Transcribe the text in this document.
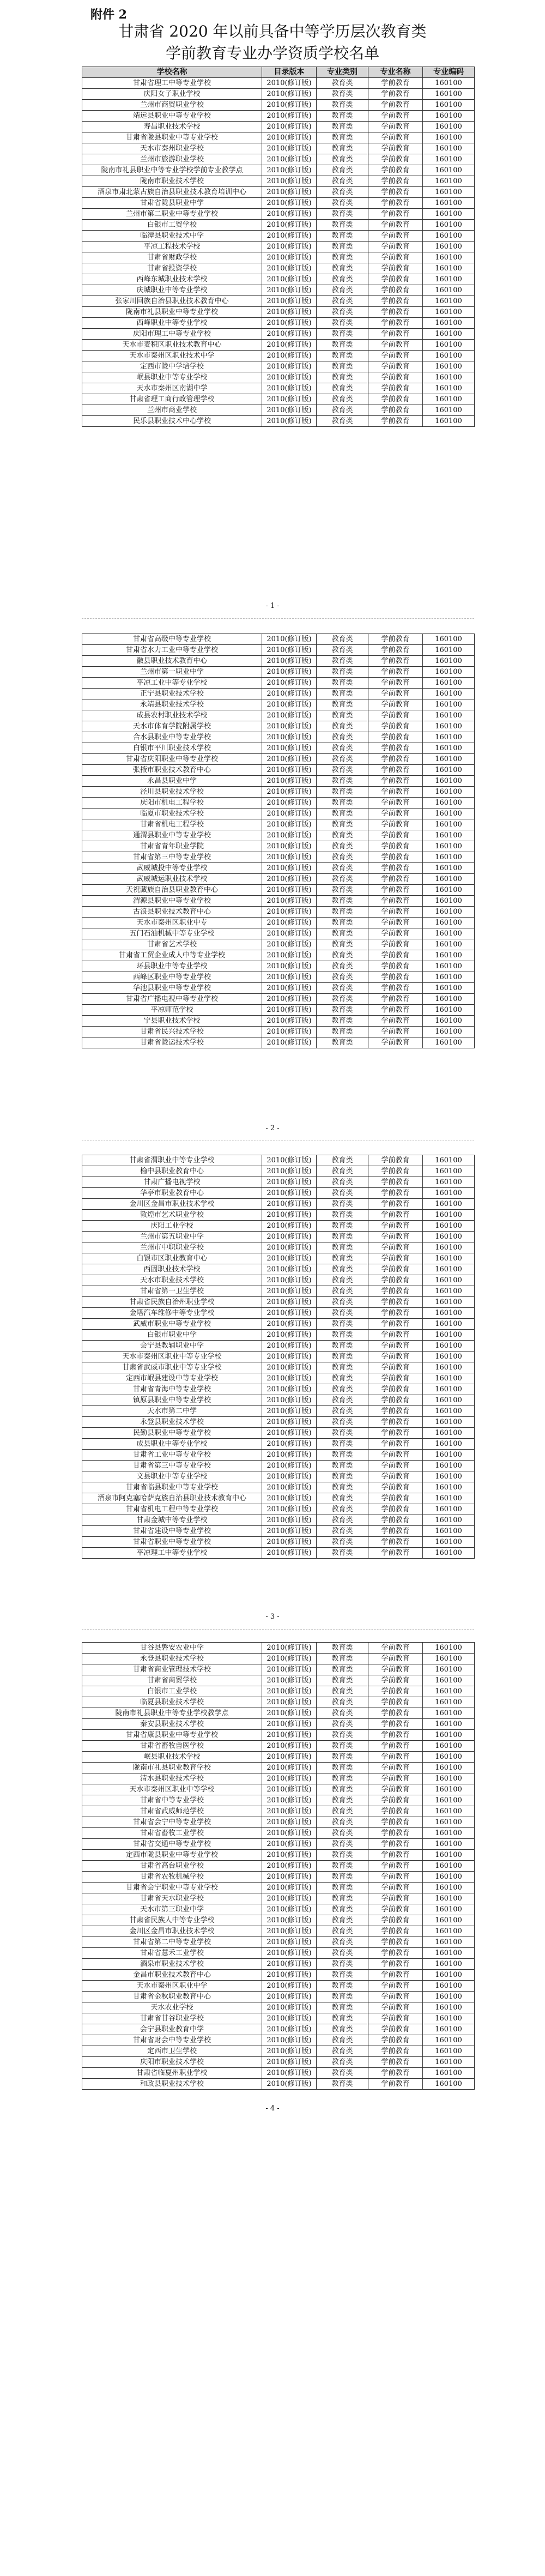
附件 2
甘肃省 2020 年以前具备中等学历层次教育类
学前教育专业办学资质学校名单
学校名称	目录版本	专业类别	专业名称	专业编码
甘肃省理工中等专业学校	2010(修订版)	教育类	学前教育	160100
庆阳女子职业学校	2010(修订版)	教育类	学前教育	160100
兰州市商贸职业学校	2010(修订版)	教育类	学前教育	160100
靖远县职业中等专业学校	2010(修订版)	教育类	学前教育	160100
寿昌职业技术学校	2010(修订版)	教育类	学前教育	160100
甘肃省陇县职业中等专业学校	2010(修订版)	教育类	学前教育	160100
天水市秦州职业学校	2010(修订版)	教育类	学前教育	160100
兰州市旅游职业学校	2010(修订版)	教育类	学前教育	160100
陇南市礼县职业中等专业学校学前专业教学点	2010(修订版)	教育类	学前教育	160100
陇南市职业技术学校	2010(修订版)	教育类	学前教育	160100
酒泉市肃北蒙古族自治县职业技术教育培训中心	2010(修订版)	教育类	学前教育	160100
甘肃省陇县职业中学	2010(修订版)	教育类	学前教育	160100
兰州市第二职业中等专业学校	2010(修订版)	教育类	学前教育	160100
白银市工贸学校	2010(修订版)	教育类	学前教育	160100
临潭县职业技术中学	2010(修订版)	教育类	学前教育	160100
平凉工程技术学校	2010(修订版)	教育类	学前教育	160100
甘肃省财政学校	2010(修订版)	教育类	学前教育	160100
甘肃省投资学校	2010(修订版)	教育类	学前教育	160100
西峰东城职业技术学校	2010(修订版)	教育类	学前教育	160100
庆城职业中等专业学校	2010(修订版)	教育类	学前教育	160100
张家川回族自治县职业技术教育中心	2010(修订版)	教育类	学前教育	160100
陇南市礼县职业中等专业学校	2010(修订版)	教育类	学前教育	160100
西峰职业中等专业学校	2010(修订版)	教育类	学前教育	160100
庆阳市理工中等专业学校	2010(修订版)	教育类	学前教育	160100
天水市麦积区职业技术教育中心	2010(修订版)	教育类	学前教育	160100
天水市秦州区职业技术中学	2010(修订版)	教育类	学前教育	160100
定西市陇中学培学校	2010(修订版)	教育类	学前教育	160100
岷县职业中等专业学校	2010(修订版)	教育类	学前教育	160100
天水市秦州区南湖中学	2010(修订版)	教育类	学前教育	160100
甘肃省理工商行政管理学校	2010(修订版)	教育类	学前教育	160100
兰州市商业学校	2010(修订版)	教育类	学前教育	160100
民乐县职业技术中心学校	2010(修订版)	教育类	学前教育	160100
- 1 -
甘肃省高级中等专业学校	2010(修订版)	教育类	学前教育	160100
甘肃省水力工业中等专业学校	2010(修订版)	教育类	学前教育	160100
徽县职业技术教育中心	2010(修订版)	教育类	学前教育	160100
兰州市第一职业中学	2010(修订版)	教育类	学前教育	160100
平凉工业中等专业学校	2010(修订版)	教育类	学前教育	160100
正宁县职业技术学校	2010(修订版)	教育类	学前教育	160100
永靖县职业技术学校	2010(修订版)	教育类	学前教育	160100
成县农村职业技术学校	2010(修订版)	教育类	学前教育	160100
天水市体育学院附属学校	2010(修订版)	教育类	学前教育	160100
合水县职业中等专业学校	2010(修订版)	教育类	学前教育	160100
白银市平川职业技术学校	2010(修订版)	教育类	学前教育	160100
甘肃省庆阳职业中等专业学校	2010(修订版)	教育类	学前教育	160100
张掖市职业技术教育中心	2010(修订版)	教育类	学前教育	160100
永昌县职业中学	2010(修订版)	教育类	学前教育	160100
泾川县职业技术学校	2010(修订版)	教育类	学前教育	160100
庆阳市机电工程学校	2010(修订版)	教育类	学前教育	160100
临夏市职业技术学校	2010(修订版)	教育类	学前教育	160100
甘肃省机电工程学校	2010(修订版)	教育类	学前教育	160100
通渭县职业中等专业学校	2010(修订版)	教育类	学前教育	160100
甘肃省青年职业学院	2010(修订版)	教育类	学前教育	160100
甘肃省第三中等专业学校	2010(修订版)	教育类	学前教育	160100
武威城投中等专业学校	2010(修订版)	教育类	学前教育	160100
武威城运职业技术学校	2010(修订版)	教育类	学前教育	160100
天祝藏族自治县职业教育中心	2010(修订版)	教育类	学前教育	160100
渭源县职业中等专业学校	2010(修订版)	教育类	学前教育	160100
古浪县职业技术教育中心	2010(修订版)	教育类	学前教育	160100
天水市秦州区职业中专	2010(修订版)	教育类	学前教育	160100
五门石油机械中等专业学校	2010(修订版)	教育类	学前教育	160100
甘肃省艺术学校	2010(修订版)	教育类	学前教育	160100
甘肃省工贸企业成人中等专业学校	2010(修订版)	教育类	学前教育	160100
环县职业中等专业学校	2010(修订版)	教育类	学前教育	160100
西峰区职业中等专业学校	2010(修订版)	教育类	学前教育	160100
华池县职业中等专业学校	2010(修订版)	教育类	学前教育	160100
甘肃省广播电视中等专业学校	2010(修订版)	教育类	学前教育	160100
平凉师范学校	2010(修订版)	教育类	学前教育	160100
宁县职业技术学校	2010(修订版)	教育类	学前教育	160100
甘肃省民兴技术学校	2010(修订版)	教育类	学前教育	160100
甘肃省陇运技术学校	2010(修订版)	教育类	学前教育	160100
- 2 -
甘肃省渭职业中等专业学校	2010(修订版)	教育类	学前教育	160100
榆中县职业教育中心	2010(修订版)	教育类	学前教育	160100
甘肃广播电视学校	2010(修订版)	教育类	学前教育	160100
华亭市职业教育中心	2010(修订版)	教育类	学前教育	160100
金川区金昌市职业技术学校	2010(修订版)	教育类	学前教育	160100
敦煌市艺术职业学校	2010(修订版)	教育类	学前教育	160100
庆阳工业学校	2010(修订版)	教育类	学前教育	160100
兰州市第五职业中学	2010(修订版)	教育类	学前教育	160100
兰州市中职职业学校	2010(修订版)	教育类	学前教育	160100
白银市区职业教育中心	2010(修订版)	教育类	学前教育	160100
西固职业技术学校	2010(修订版)	教育类	学前教育	160100
天水市职业技术学校	2010(修订版)	教育类	学前教育	160100
甘肃省第一卫生学校	2010(修订版)	教育类	学前教育	160100
甘肃省民族自治州职业学校	2010(修订版)	教育类	学前教育	160100
金塔汽车维修中等专业学校	2010(修订版)	教育类	学前教育	160100
武威市职业中等专业学校	2010(修订版)	教育类	学前教育	160100
白银市职业中学	2010(修订版)	教育类	学前教育	160100
会宁县教辅职业中学	2010(修订版)	教育类	学前教育	160100
天水市秦州区职业中等专业学校	2010(修订版)	教育类	学前教育	160100
甘肃省武威市职业中等专业学校	2010(修订版)	教育类	学前教育	160100
定西市岷县建设中等专业学校	2010(修订版)	教育类	学前教育	160100
甘肃省青海中等专业学校	2010(修订版)	教育类	学前教育	160100
镇原县职业中等专业学校	2010(修订版)	教育类	学前教育	160100
天水市第二中学	2010(修订版)	教育类	学前教育	160100
永登县职业技术学校	2010(修订版)	教育类	学前教育	160100
民勤县职业中等专业学校	2010(修订版)	教育类	学前教育	160100
成县职业中等专业学校	2010(修订版)	教育类	学前教育	160100
甘肃省工业中等专业学校	2010(修订版)	教育类	学前教育	160100
甘肃省第三中等专业学校	2010(修订版)	教育类	学前教育	160100
文县职业中等专业学校	2010(修订版)	教育类	学前教育	160100
甘肃省临县职业中等专业学校	2010(修订版)	教育类	学前教育	160100
酒泉市阿克塞哈萨克族自治县职业技术教育中心	2010(修订版)	教育类	学前教育	160100
甘肃省机电工程中等专业学校	2010(修订版)	教育类	学前教育	160100
甘肃金城中等专业学校	2010(修订版)	教育类	学前教育	160100
甘肃省建设中等专业学校	2010(修订版)	教育类	学前教育	160100
甘肃省职业中等专业学校	2010(修订版)	教育类	学前教育	160100
平凉理工中等专业学校	2010(修订版)	教育类	学前教育	160100
- 3 -
甘谷县磐安农业中学	2010(修订版)	教育类	学前教育	160100
永登县职业技术学校	2010(修订版)	教育类	学前教育	160100
甘肃省商业管理技术学校	2010(修订版)	教育类	学前教育	160100
甘肃省商贸学校	2010(修订版)	教育类	学前教育	160100
白银市工业学校	2010(修订版)	教育类	学前教育	160100
临夏县职业技术学校	2010(修订版)	教育类	学前教育	160100
陇南市礼县职业中等专业学校教学点	2010(修订版)	教育类	学前教育	160100
秦安县职业技术学校	2010(修订版)	教育类	学前教育	160100
甘肃省康县职业中等专业学校	2010(修订版)	教育类	学前教育	160100
甘肃省畜牧兽医学校	2010(修订版)	教育类	学前教育	160100
岷县职业技术学校	2010(修订版)	教育类	学前教育	160100
陇南市礼县职业教育学校	2010(修订版)	教育类	学前教育	160100
清水县职业技术学校	2010(修订版)	教育类	学前教育	160100
天水市秦州区职业中等学校	2010(修订版)	教育类	学前教育	160100
甘肃省中等专业学校	2010(修订版)	教育类	学前教育	160100
甘肃省武威师范学校	2010(修订版)	教育类	学前教育	160100
甘肃省会宁中等专业学校	2010(修订版)	教育类	学前教育	160100
甘肃省畜牧工业学校	2010(修订版)	教育类	学前教育	160100
甘肃省交通中等专业学校	2010(修订版)	教育类	学前教育	160100
定西市陇县职业中等专业学校	2010(修订版)	教育类	学前教育	160100
甘肃省高台职业学校	2010(修订版)	教育类	学前教育	160100
甘肃省农牧机械学校	2010(修订版)	教育类	学前教育	160100
甘肃省会宁职业中等专业学校	2010(修订版)	教育类	学前教育	160100
甘肃省天水职业学校	2010(修订版)	教育类	学前教育	160100
天水市第三职业中学	2010(修订版)	教育类	学前教育	160100
甘肃省民族人中等专业学校	2010(修订版)	教育类	学前教育	160100
金川区金昌市职业技术学校	2010(修订版)	教育类	学前教育	160100
甘肃省第二中等专业学校	2010(修订版)	教育类	学前教育	160100
甘肃省慧禾工业学校	2010(修订版)	教育类	学前教育	160100
酒泉市职业技术学校	2010(修订版)	教育类	学前教育	160100
金昌市职业技术教育中心	2010(修订版)	教育类	学前教育	160100
天水市秦州区职业中学	2010(修订版)	教育类	学前教育	160100
甘肃省金秋职业教育中心	2010(修订版)	教育类	学前教育	160100
天水农业学校	2010(修订版)	教育类	学前教育	160100
甘肃省甘谷职业学校	2010(修订版)	教育类	学前教育	160100
会宁县职业教育中学	2010(修订版)	教育类	学前教育	160100
甘肃省财会中等专业学校	2010(修订版)	教育类	学前教育	160100
定西市卫生学校	2010(修订版)	教育类	学前教育	160100
庆阳市职业技术学校	2010(修订版)	教育类	学前教育	160100
甘肃省临夏州职业学校	2010(修订版)	教育类	学前教育	160100
和政县职业技术学校	2010(修订版)	教育类	学前教育	160100
- 4 -
